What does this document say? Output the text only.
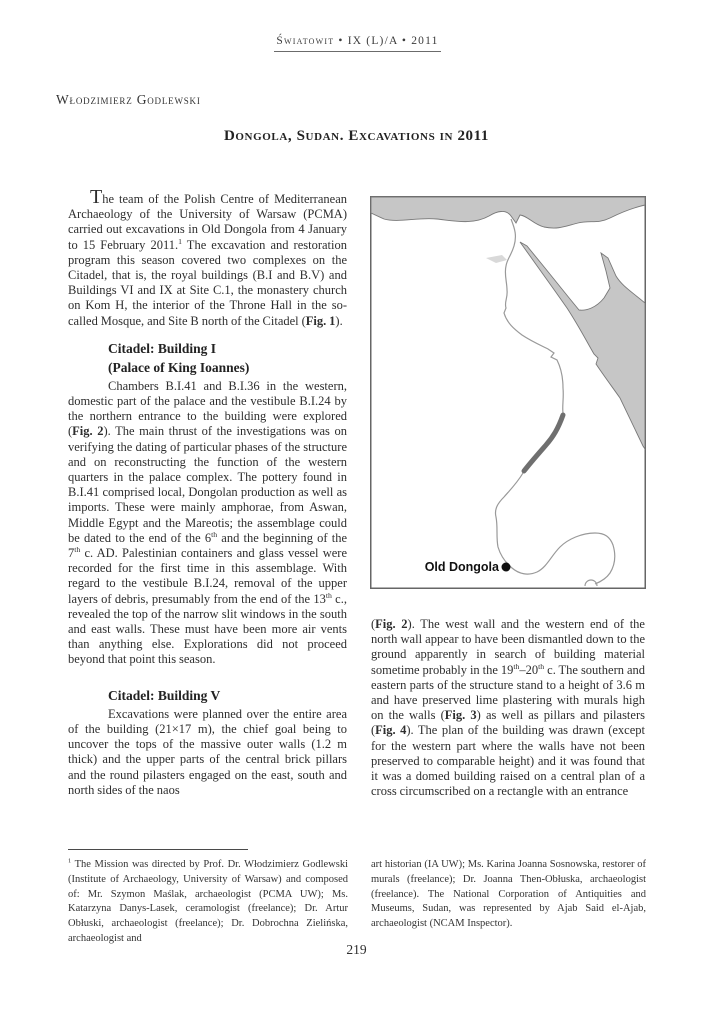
Światowit • IX (L)/A • 2011
Włodzimierz Godlewski
Dongola, Sudan. Excavations in 2011

The team of the Polish Centre of Mediterranean Archaeology of the University of Warsaw (PCMA) carried out excavations in Old Dongola from 4 January to 15 February 2011.$^1$ The excavation and restoration program this season covered two complexes on the Citadel, that is, the royal buildings (B.I and B.V) and Buildings VI and IX at Site C.1, the monastery church on Kom H, the interior of the Throne Hall in the so-called Mosque, and Site B north of the Citadel (Fig. 1).

Citadel: Building I
(Palace of King Ioannes)

Chambers B.I.41 and B.I.36 in the western, domestic part of the palace and the vestibule B.I.24 by the northern entrance to the building were explored (Fig. 2). The main thrust of the investigations was on verifying the dating of particular phases of the structure and on reconstructing the function of the western quarters in the palace complex. The pottery found in B.I.41 comprised local, Dongolan production as well as imports. These were mainly amphorae, from Aswan, Middle Egypt and the Mareotis; the assemblage could be dated to the end of the 6th and the beginning of the 7th c. AD. Palestinian containers and glass vessel were recorded for the first time in this assemblage. With regard to the vestibule B.I.24, removal of the upper layers of debris, presumably from the end of the 13th c., revealed the top of the narrow slit windows in the south and east walls. These must have been more air vents than anything else. Explorations did not proceed beyond that point this season.

Citadel: Building V

Excavations were planned over the entire area of the building (21×17 m), the chief goal being to uncover the tops of the massive outer walls (1.2 m thick) and the upper parts of the central brick pillars and the round pilasters engaged on the east, south and north sides of the naos

Old Dongola

(Fig. 2). The west wall and the western end of the north wall appear to have been dismantled down to the ground apparently in search of building material sometime probably in the 19th–20th c. The southern and eastern parts of the structure stand to a height of 3.6 m and have preserved lime plastering with murals high on the walls (Fig. 3) as well as pillars and pilasters (Fig. 4). The plan of the building was drawn (except for the western part where the walls have not been preserved to comparable height) and it was found that it was a domed building raised on a central plan of a cross circumscribed on a rectangle with an entrance

$^1$ The Mission was directed by Prof. Dr. Włodzimierz Godlewski (Institute of Archaeology, University of Warsaw) and composed of: Mr. Szymon Maślak, archaeologist (PCMA UW); Ms. Katarzyna Danys-Lasek, ceramologist (freelance); Dr. Artur Obłuski, archaeologist (freelance); Dr. Dobrochna Zielińska, archaeologist and

art historian (IA UW); Ms. Karina Joanna Sosnowska, restorer of murals (freelance); Dr. Joanna Then-Obłuska, archaeologist (freelance). The National Corporation of Antiquities and Museums, Sudan, was represented by Ajab Said el-Ajab, archaeologist (NCAM Inspector).

219
